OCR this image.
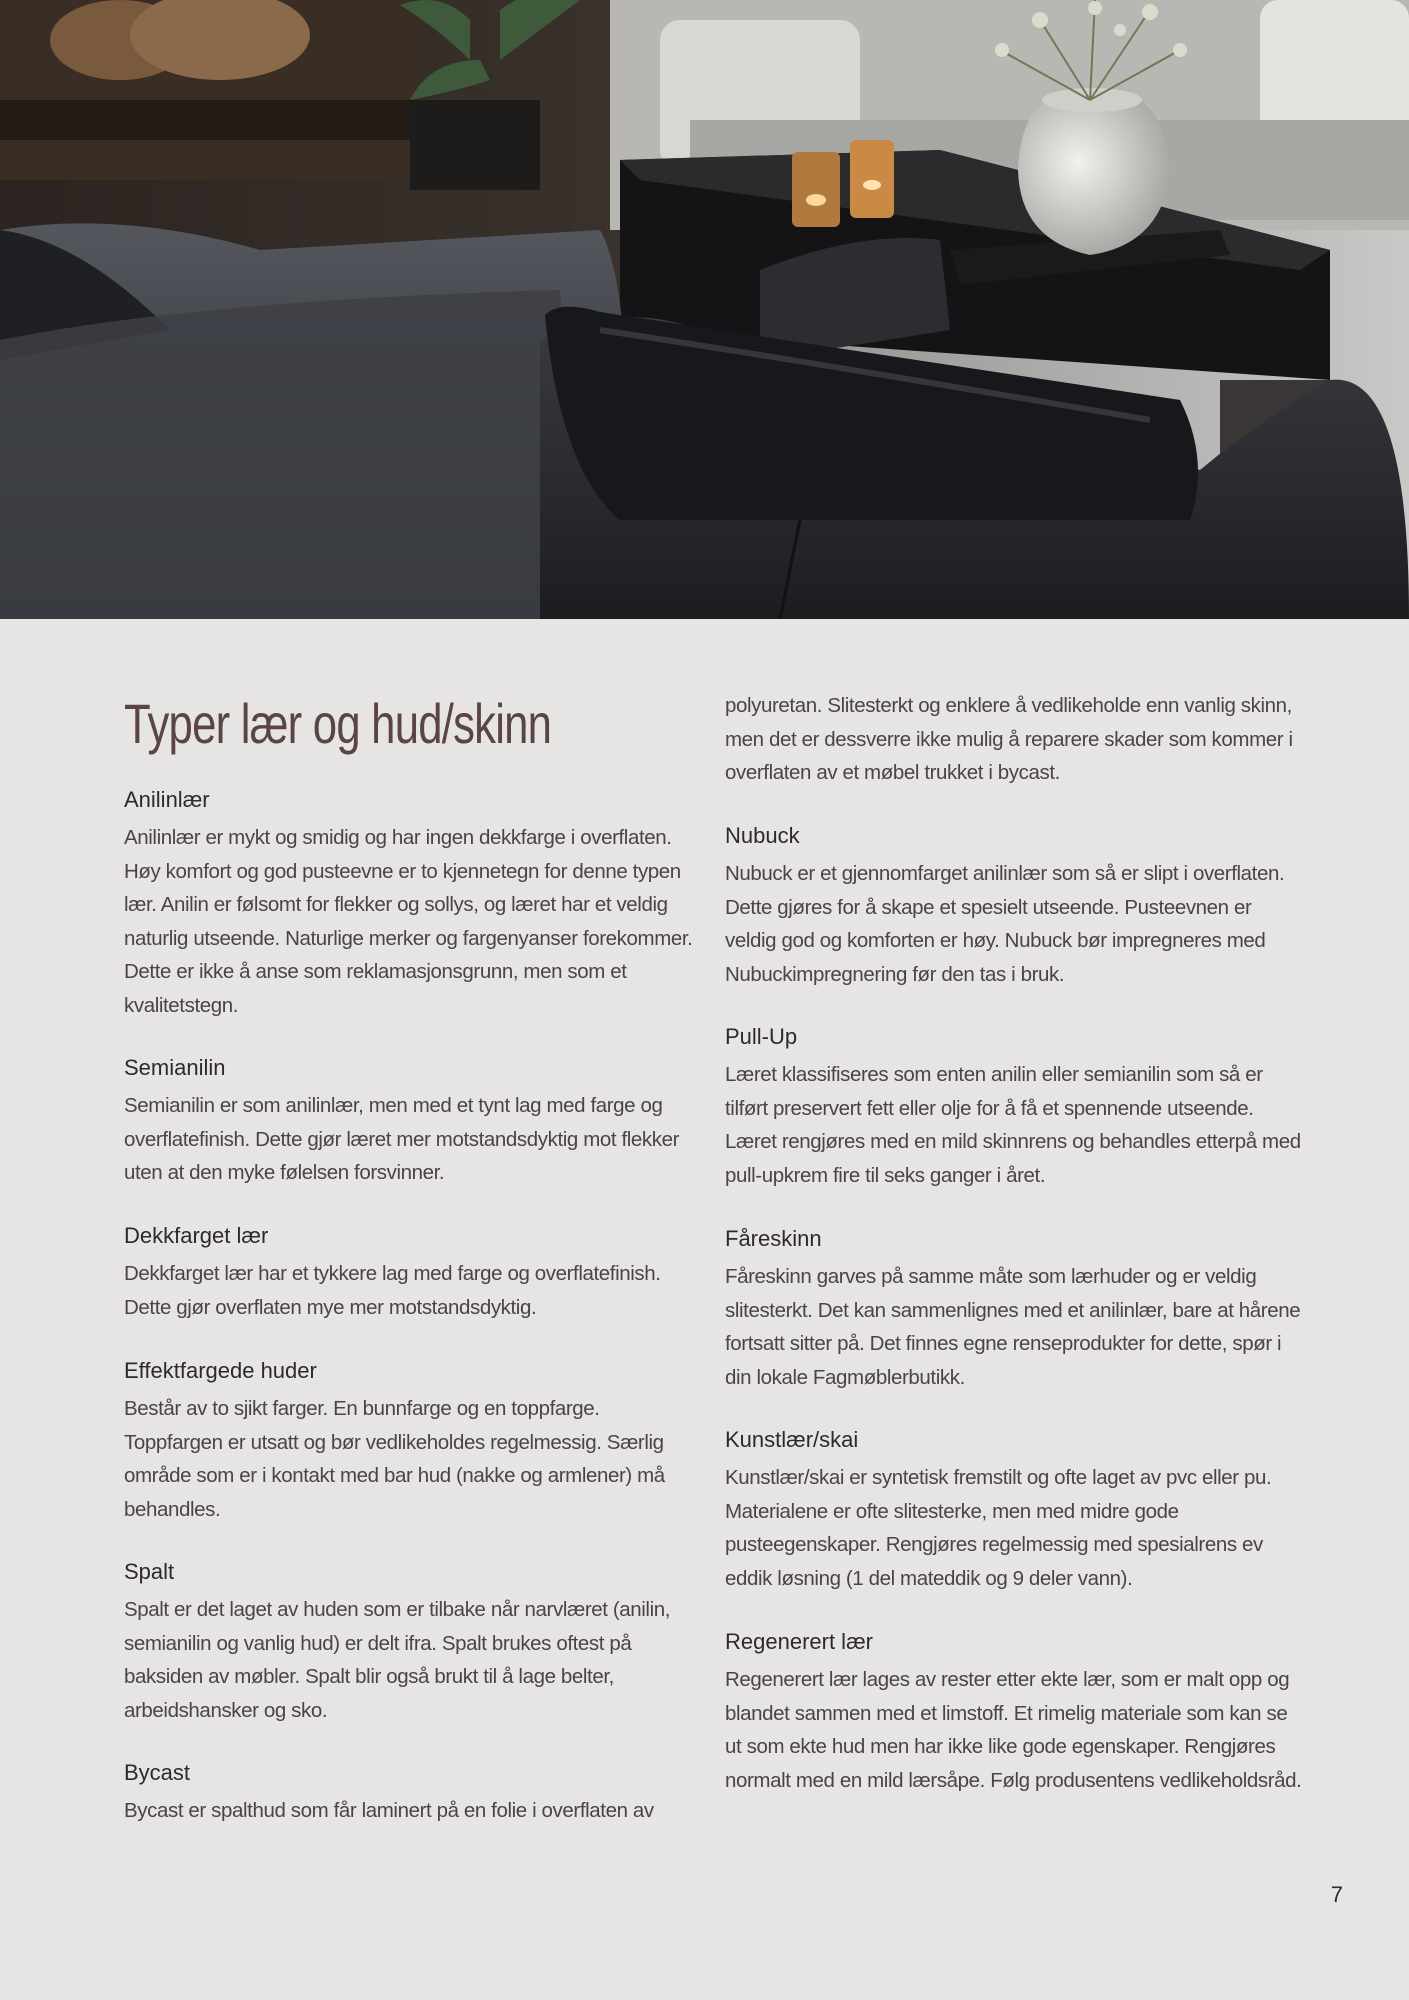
Typer lær og hud/skinn
Anilinlær

Anilinlær er mykt og smidig og har ingen dekkfarge i overflaten. Høy komfort og god pusteevne er to kjennetegn for denne typen lær. Anilin er følsomt for flekker og sollys, og læret har et veldig naturlig utseende. Naturlige merker og fargenyanser forekommer. Dette er ikke å anse som reklamasjonsgrunn, men som et kvalitetstegn.

Semianilin

Semianilin er som anilinlær, men med et tynt lag med farge og overflatefinish. Dette gjør læret mer motstandsdyktig mot flekker uten at den myke følelsen forsvinner.

Dekkfarget lær

Dekkfarget lær har et tykkere lag med farge og overflatefinish. Dette gjør overflaten mye mer motstandsdyktig.

Effektfargede huder

Består av to sjikt farger. En bunnfarge og en toppfarge. Toppfargen er utsatt og bør vedlikeholdes regelmessig. Særlig område som er i kontakt med bar hud (nakke og armlener) må behandles.

Spalt

Spalt er det laget av huden som er tilbake når narvlæret (anilin, semianilin og vanlig hud) er delt ifra. Spalt brukes oftest på baksiden av møbler. Spalt blir også brukt til å lage belter, arbeidshansker og sko.

Bycast

Bycast er spalthud som får laminert på en folie i overflaten av

polyuretan. Slitesterkt og enklere å vedlikeholde enn vanlig skinn, men det er dessverre ikke mulig å reparere skader som kommer i overflaten av et møbel trukket i bycast.

Nubuck

Nubuck er et gjennomfarget anilinlær som så er slipt i overflaten. Dette gjøres for å skape et spesielt utseende. Pusteevnen er veldig god og komforten er høy. Nubuck bør impregneres med Nubuckimpregnering før den tas i bruk.

Pull-Up

Læret klassifiseres som enten anilin eller semianilin som så er tilført preservert fett eller olje for å få et spennende utseende. Læret rengjøres med en mild skinnrens og behandles etterpå med pull-upkrem fire til seks ganger i året.

Fåreskinn

Fåreskinn garves på samme måte som lærhuder og er veldig slitesterkt. Det kan sammenlignes med et anilinlær, bare at hårene fortsatt sitter på. Det finnes egne renseprodukter for dette, spør i din lokale Fagmøblerbutikk.

Kunstlær/skai

Kunstlær/skai er syntetisk fremstilt og ofte laget av pvc eller pu. Materialene er ofte slitesterke, men med midre gode pusteegenskaper. Rengjøres regelmessig med spesialrens ev eddik løsning (1 del mateddik og 9 deler vann).

Regenerert lær

Regenerert lær lages av rester etter ekte lær, som er malt opp og blandet sammen med et limstoff. Et rimelig materiale som kan se ut som ekte hud men har ikke like gode egenskaper. Rengjøres normalt med en mild lærsåpe. Følg produsentens vedlikeholdsråd.

7
